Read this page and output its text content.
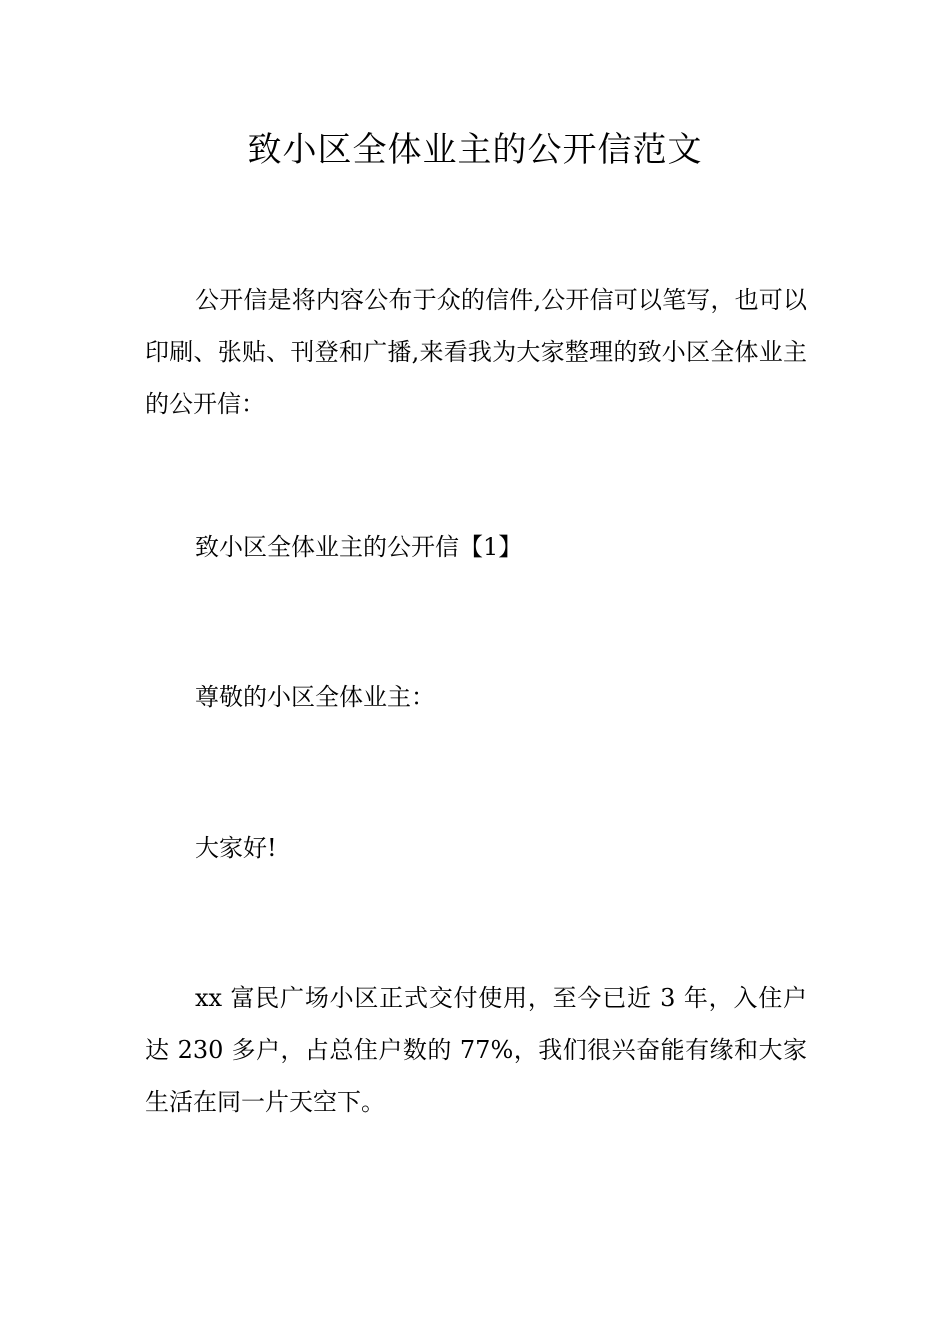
致小区全体业主的公开信范文

公开信是将内容公布于众的信件,公开信可以笔写，也可以印刷、张贴、刊登和广播,来看我为大家整理的致小区全体业主的公开信：

致小区全体业主的公开信【1】

尊敬的小区全体业主：

大家好!

xx 富民广场小区正式交付使用，至今已近 3 年，入住户达 230 多户，占总住户数的 77%，我们很兴奋能有缘和大家生活在同一片天空下。
